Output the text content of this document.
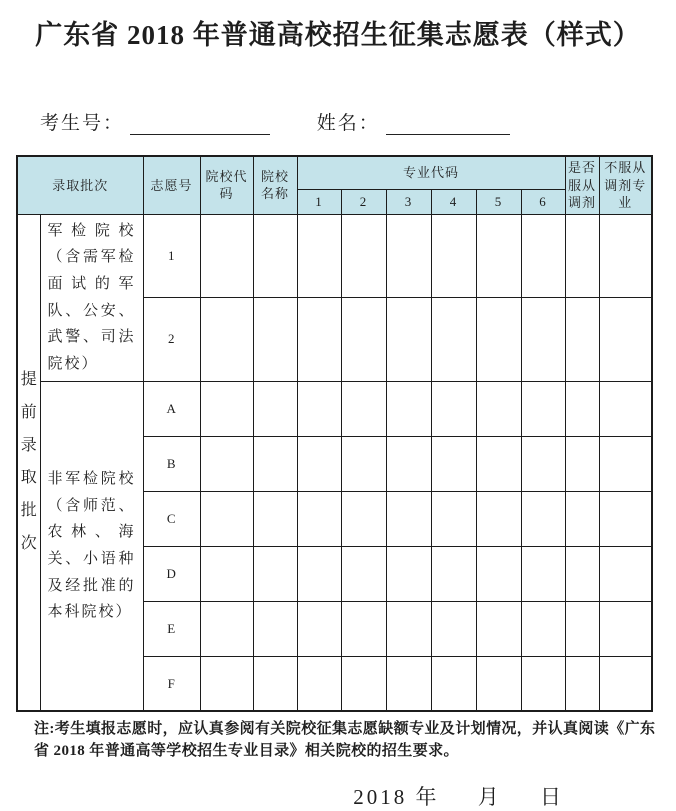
广东省 2018 年普通高校招生征集志愿表（样式）
考生号：	姓名：
录取批次		志愿号	院校代码	院校名称	专业代码						是否服从调剂	不服从调剂专业
					1	2	3	4	5	6		
提前录取批次	军检院校（含需军检面试的军队、公安、武警、司法院校）	1										
		2										
	非军检院校（含师范、农林、海关、小语种及经批准的本科院校）	A										
		B										
		C										
		D										
		E										
		F										
注:考生填报志愿时，应认真参阅有关院校征集志愿缺额专业及计划情况，并认真阅读《广东省 2018 年普通高等学校招生专业目录》相关院校的招生要求。
2018 年 月 日
